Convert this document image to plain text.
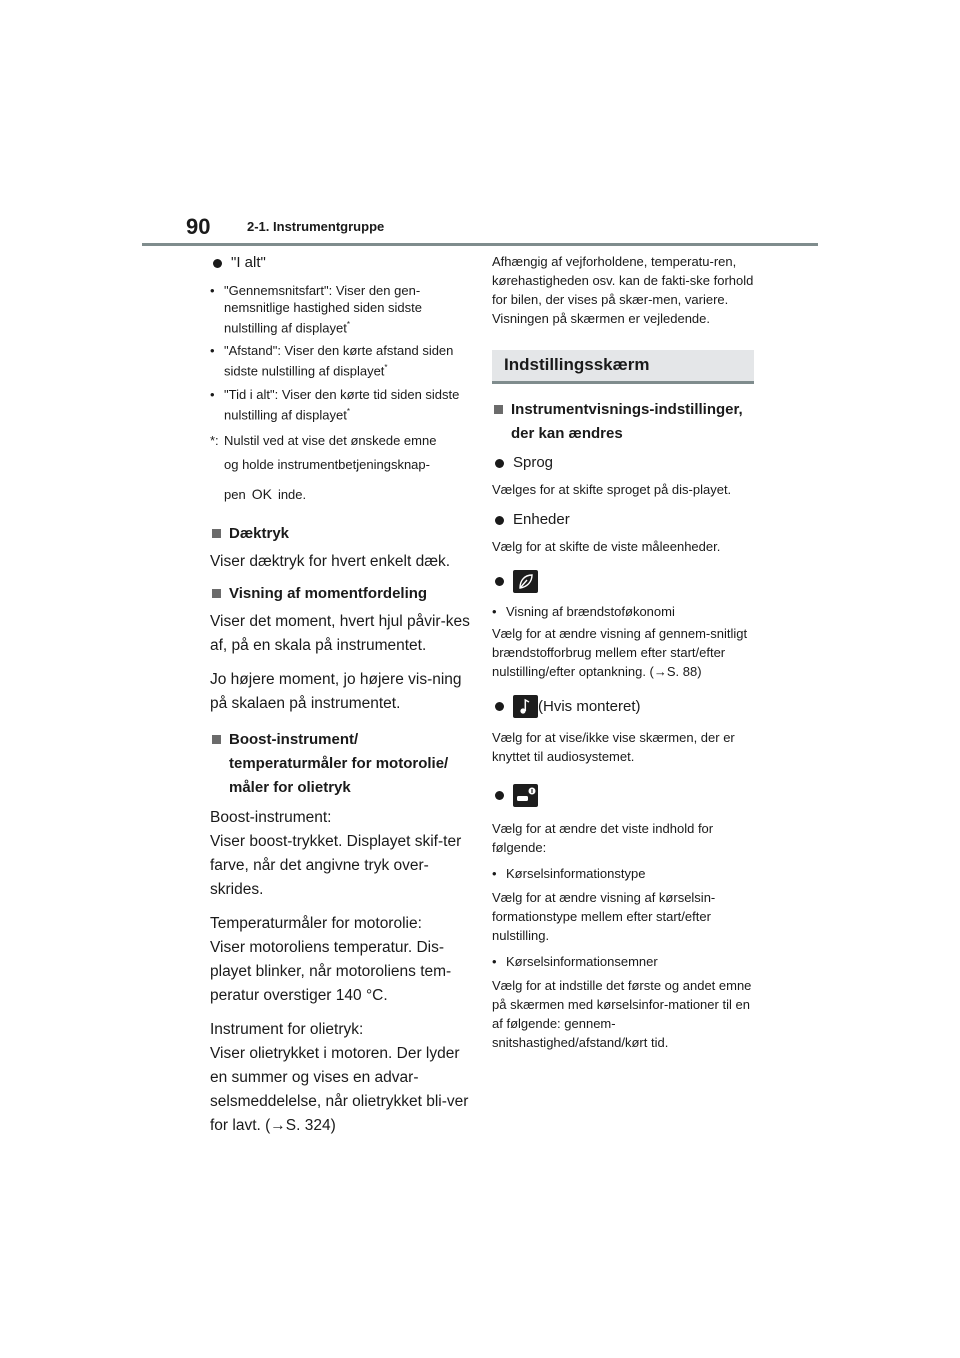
90	2-1. Instrumentgruppe

"I alt"

• "Gennemsnitsfart": Viser den gen-nemsnitlige hastighed siden sidste nulstilling af displayet*

• "Afstand": Viser den kørte afstand siden sidste nulstilling af displayet*

• "Tid i alt": Viser den kørte tid siden sidste nulstilling af displayet*

*: Nulstil ved at vise det ønskede emne
og holde instrumentbetjeningsknap-
pen OK inde.

Dæktryk

Viser dæktryk for hvert enkelt dæk.

Visning af momentfordeling

Viser det moment, hvert hjul påvir-kes af, på en skala på instrumentet.

Jo højere moment, jo højere vis-ning på skalaen på instrumentet.

Boost-instrument/ temperaturmåler for motorolie/ måler for olietryk

Boost-instrument:

Viser boost-trykket. Displayet skif-ter farve, når det angivne tryk over-skrides.

Temperaturmåler for motorolie:

Viser motoroliens temperatur. Dis-playet blinker, når motoroliens tem-peratur overstiger 140 °C.

Instrument for olietryk:

Viser olietrykket i motoren. Der lyder en summer og vises en advar-selsmeddelelse, når olietrykket bli-ver for lavt. (→S. 324)

Afhængig af vejforholdene, temperatu-ren, kørehastigheden osv. kan de fakti-ske forhold for bilen, der vises på skær-men, variere.

Visningen på skærmen er vejledende.

Indstillingsskærm

Instrumentvisnings-indstillinger, der kan ændres

Sprog

Vælges for at skifte sproget på dis-playet.

Enheder

Vælg for at skifte de viste måleenheder.

• Visning af brændstoføkonomi

Vælg for at ændre visning af gennem-snitligt brændstofforbrug mellem efter start/efter nulstilling/efter optankning. (→S. 88)

(Hvis monteret)

Vælg for at vise/ikke vise skærmen, der er knyttet til audiosystemet.

Vælg for at ændre det viste indhold for følgende:

• Kørselsinformationstype

Vælg for at ændre visning af kørselsin-formationstype mellem efter start/efter nulstilling.

• Kørselsinformationsemner

Vælg for at indstille det første og andet emne på skærmen med kørselsinfor-mationer til en af følgende: gennem-snitshastighed/afstand/kørt tid.
